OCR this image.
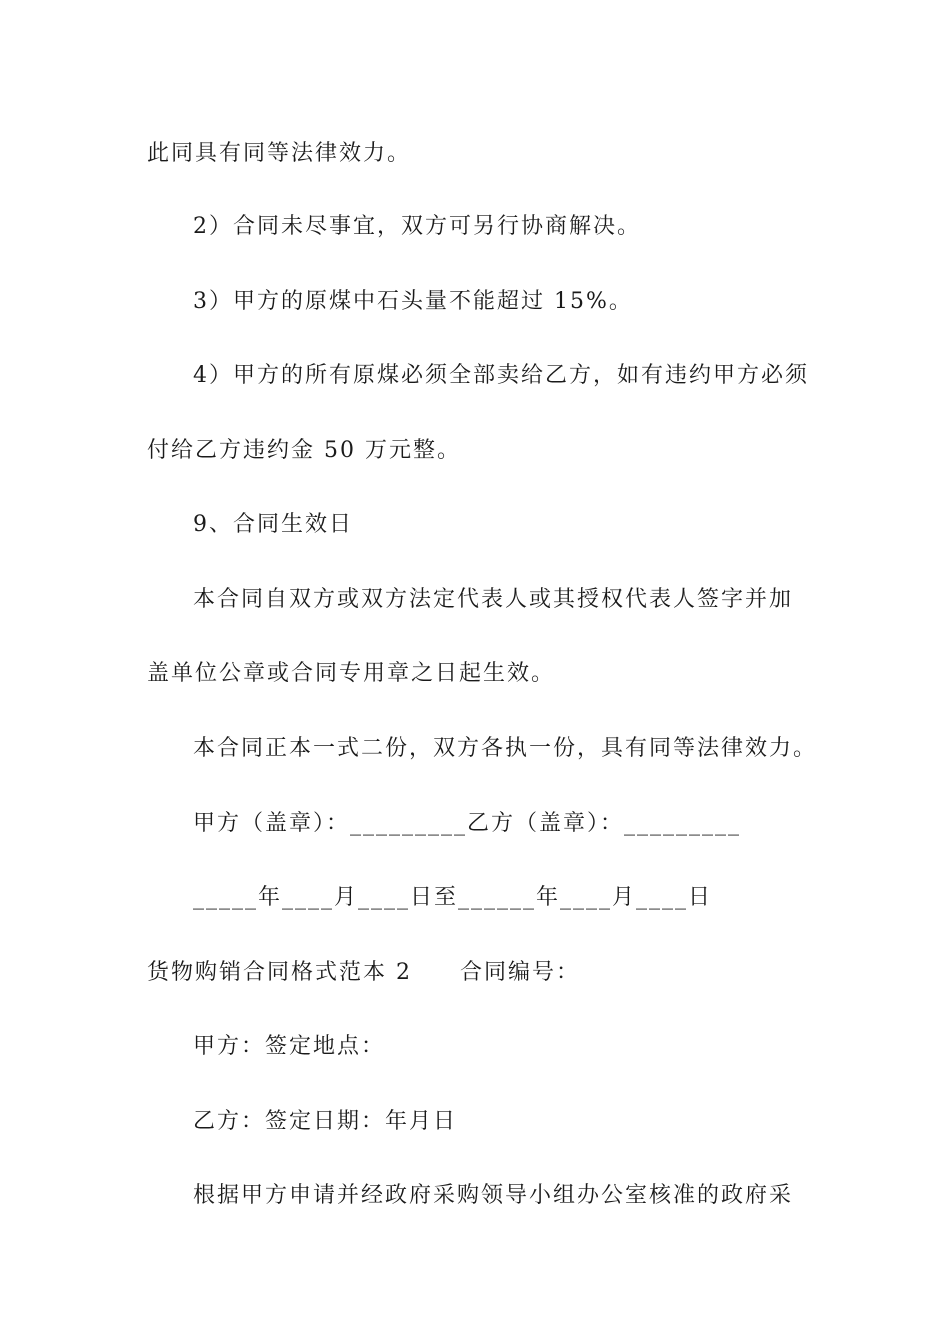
此同具有同等法律效力。
2）合同未尽事宜，双方可另行协商解决。
3）甲方的原煤中石头量不能超过 15%。
4）甲方的所有原煤必须全部卖给乙方，如有违约甲方必须
付给乙方违约金 50 万元整。
9、合同生效日
本合同自双方或双方法定代表人或其授权代表人签字并加
盖单位公章或合同专用章之日起生效。
本合同正本一式二份，双方各执一份，具有同等法律效力。
甲方（盖章）：_________乙方（盖章）：_________
_____年____月____日至______年____月____日
货物购销合同格式范本 2　　合同编号：
甲方：签定地点：
乙方：签定日期：年月日
根据甲方申请并经政府采购领导小组办公室核准的政府采
